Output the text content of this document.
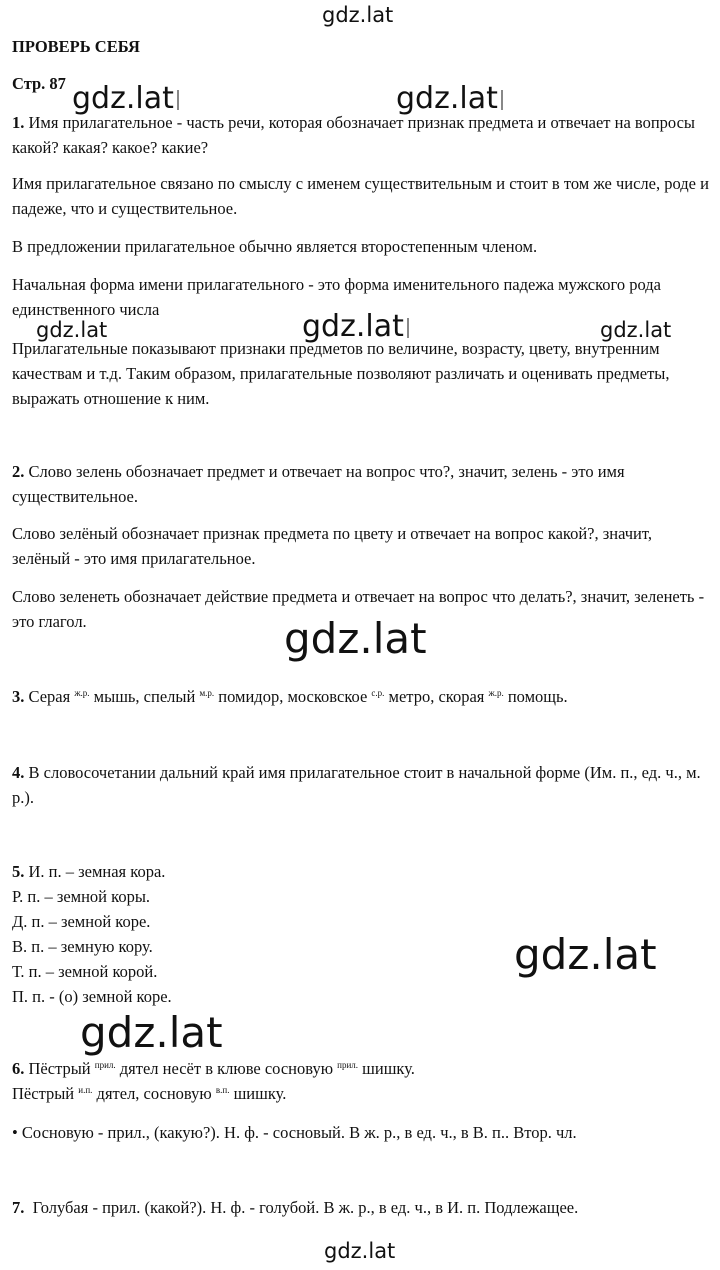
gdz.lat
gdz.lat	gdz.lat
gdz.lat	gdz.lat	gdz.lat
gdz.lat
gdz.lat
gdz.lat
gdz.lat
ПРОВЕРЬ СЕБЯ
Стр. 87

1. Имя прилагательное - часть речи, которая обозначает признак предмета и отвечает на вопросы какой? какая? какое? какие?

Имя прилагательное связано по смыслу с именем существительным и стоит в том же числе, роде и падеже, что и существительное.

В предложении прилагательное обычно является второстепенным членом.

Начальная форма имени прилагательного - это форма именительного падежа мужского рода единственного числа

Прилагательные показывают признаки предметов по величине, возрасту, цвету, внутренним качествам и т.д. Таким образом, прилагательные позволяют различать и оценивать предметы, выражать отношение к ним.

2. Слово зелень обозначает предмет и отвечает на вопрос что?, значит, зелень - это имя существительное.

Слово зелёный обозначает признак предмета по цвету и отвечает на вопрос какой?, значит, зелёный - это имя прилагательное.

Слово зеленеть обозначает действие предмета и отвечает на вопрос что делать?, значит, зеленеть - это глагол.

3. Серая $^{ж.р.}$ мышь, спелый $^{м.р.}$ помидор, московское $^{с.р.}$ метро, скорая $^{ж.р.}$ помощь.

4. В словосочетании дальний край имя прилагательное стоит в начальной форме (Им. п., ед. ч., м. р.).

5. И. п. – земная кора.
Р. п. – земной коры.
Д. п. – земной коре.
В. п. – земную кору.
Т. п. – земной корой.
П. п. - (о) земной коре.
6. Пёстрый $^{прил.}$ дятел несёт в клюве сосновую $^{прил.}$ шишку.
Пёстрый $^{и.п.}$ дятел, сосновую $^{в.п.}$ шишку.

• Сосновую - прил., (какую?). Н. ф. - сосновый. В ж. р., в ед. ч., в В. п.. Втор. чл.

7. Голубая - прил. (какой?). Н. ф. - голубой. В ж. р., в ед. ч., в И. п. Подлежащее.
